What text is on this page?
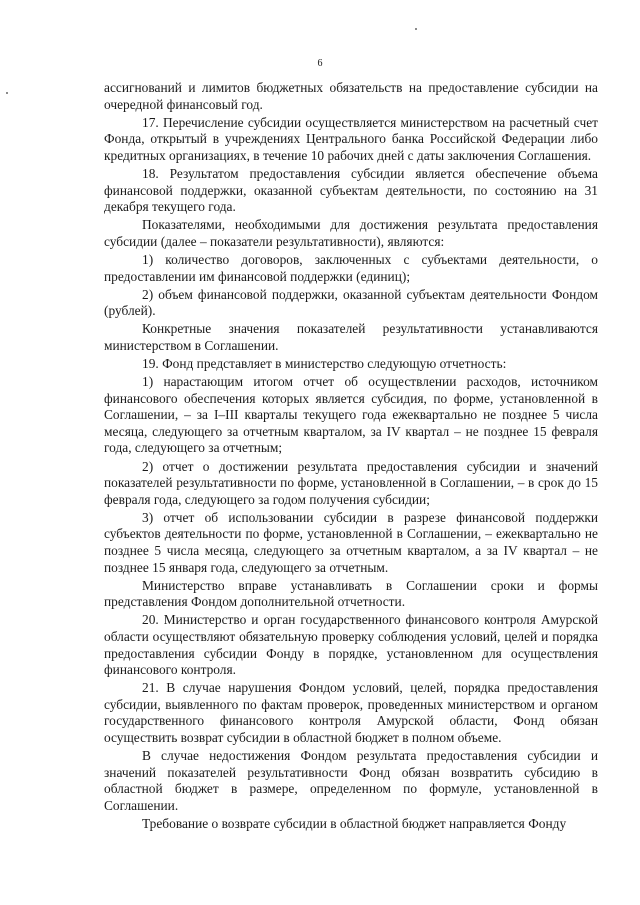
6

ассигнований и лимитов бюджетных обязательств на предоставление субсидии на очередной финансовый год.

17. Перечисление субсидии осуществляется министерством на расчетный счет Фонда, открытый в учреждениях Центрального банка Российской Федерации либо кредитных организациях, в течение 10 рабочих дней с даты заключения Соглашения.

18. Результатом предоставления субсидии является обеспечение объема финансовой поддержки, оказанной субъектам деятельности, по состоянию на 31 декабря текущего года.

Показателями, необходимыми для достижения результата предоставления субсидии (далее – показатели результативности), являются:

1) количество договоров, заключенных с субъектами деятельности, о предоставлении им финансовой поддержки (единиц);

2) объем финансовой поддержки, оказанной субъектам деятельности Фондом (рублей).

Конкретные значения показателей результативности устанавливаются министерством в Соглашении.

19. Фонд представляет в министерство следующую отчетность:

1) нарастающим итогом отчет об осуществлении расходов, источником финансового обеспечения которых является субсидия, по форме, установленной в Соглашении, – за I–III кварталы текущего года ежеквартально не позднее 5 числа месяца, следующего за отчетным кварталом, за IV квартал – не позднее 15 февраля года, следующего за отчетным;

2) отчет о достижении результата предоставления субсидии и значений показателей результативности по форме, установленной в Соглашении, – в срок до 15 февраля года, следующего за годом получения субсидии;

3) отчет об использовании субсидии в разрезе финансовой поддержки субъектов деятельности по форме, установленной в Соглашении, – ежеквартально не позднее 5 числа месяца, следующего за отчетным кварталом, а за IV квартал – не позднее 15 января года, следующего за отчетным.

Министерство вправе устанавливать в Соглашении сроки и формы представления Фондом дополнительной отчетности.

20. Министерство и орган государственного финансового контроля Амурской области осуществляют обязательную проверку соблюдения условий, целей и порядка предоставления субсидии Фонду в порядке, установленном для осуществления финансового контроля.

21. В случае нарушения Фондом условий, целей, порядка предоставления субсидии, выявленного по фактам проверок, проведенных министерством и органом государственного финансового контроля Амурской области, Фонд обязан осуществить возврат субсидии в областной бюджет в полном объеме.

В случае недостижения Фондом результата предоставления субсидии и значений показателей результативности Фонд обязан возвратить субсидию в областной бюджет в размере, определенном по формуле, установленной в Соглашении.

Требование о возврате субсидии в областной бюджет направляется Фонду
